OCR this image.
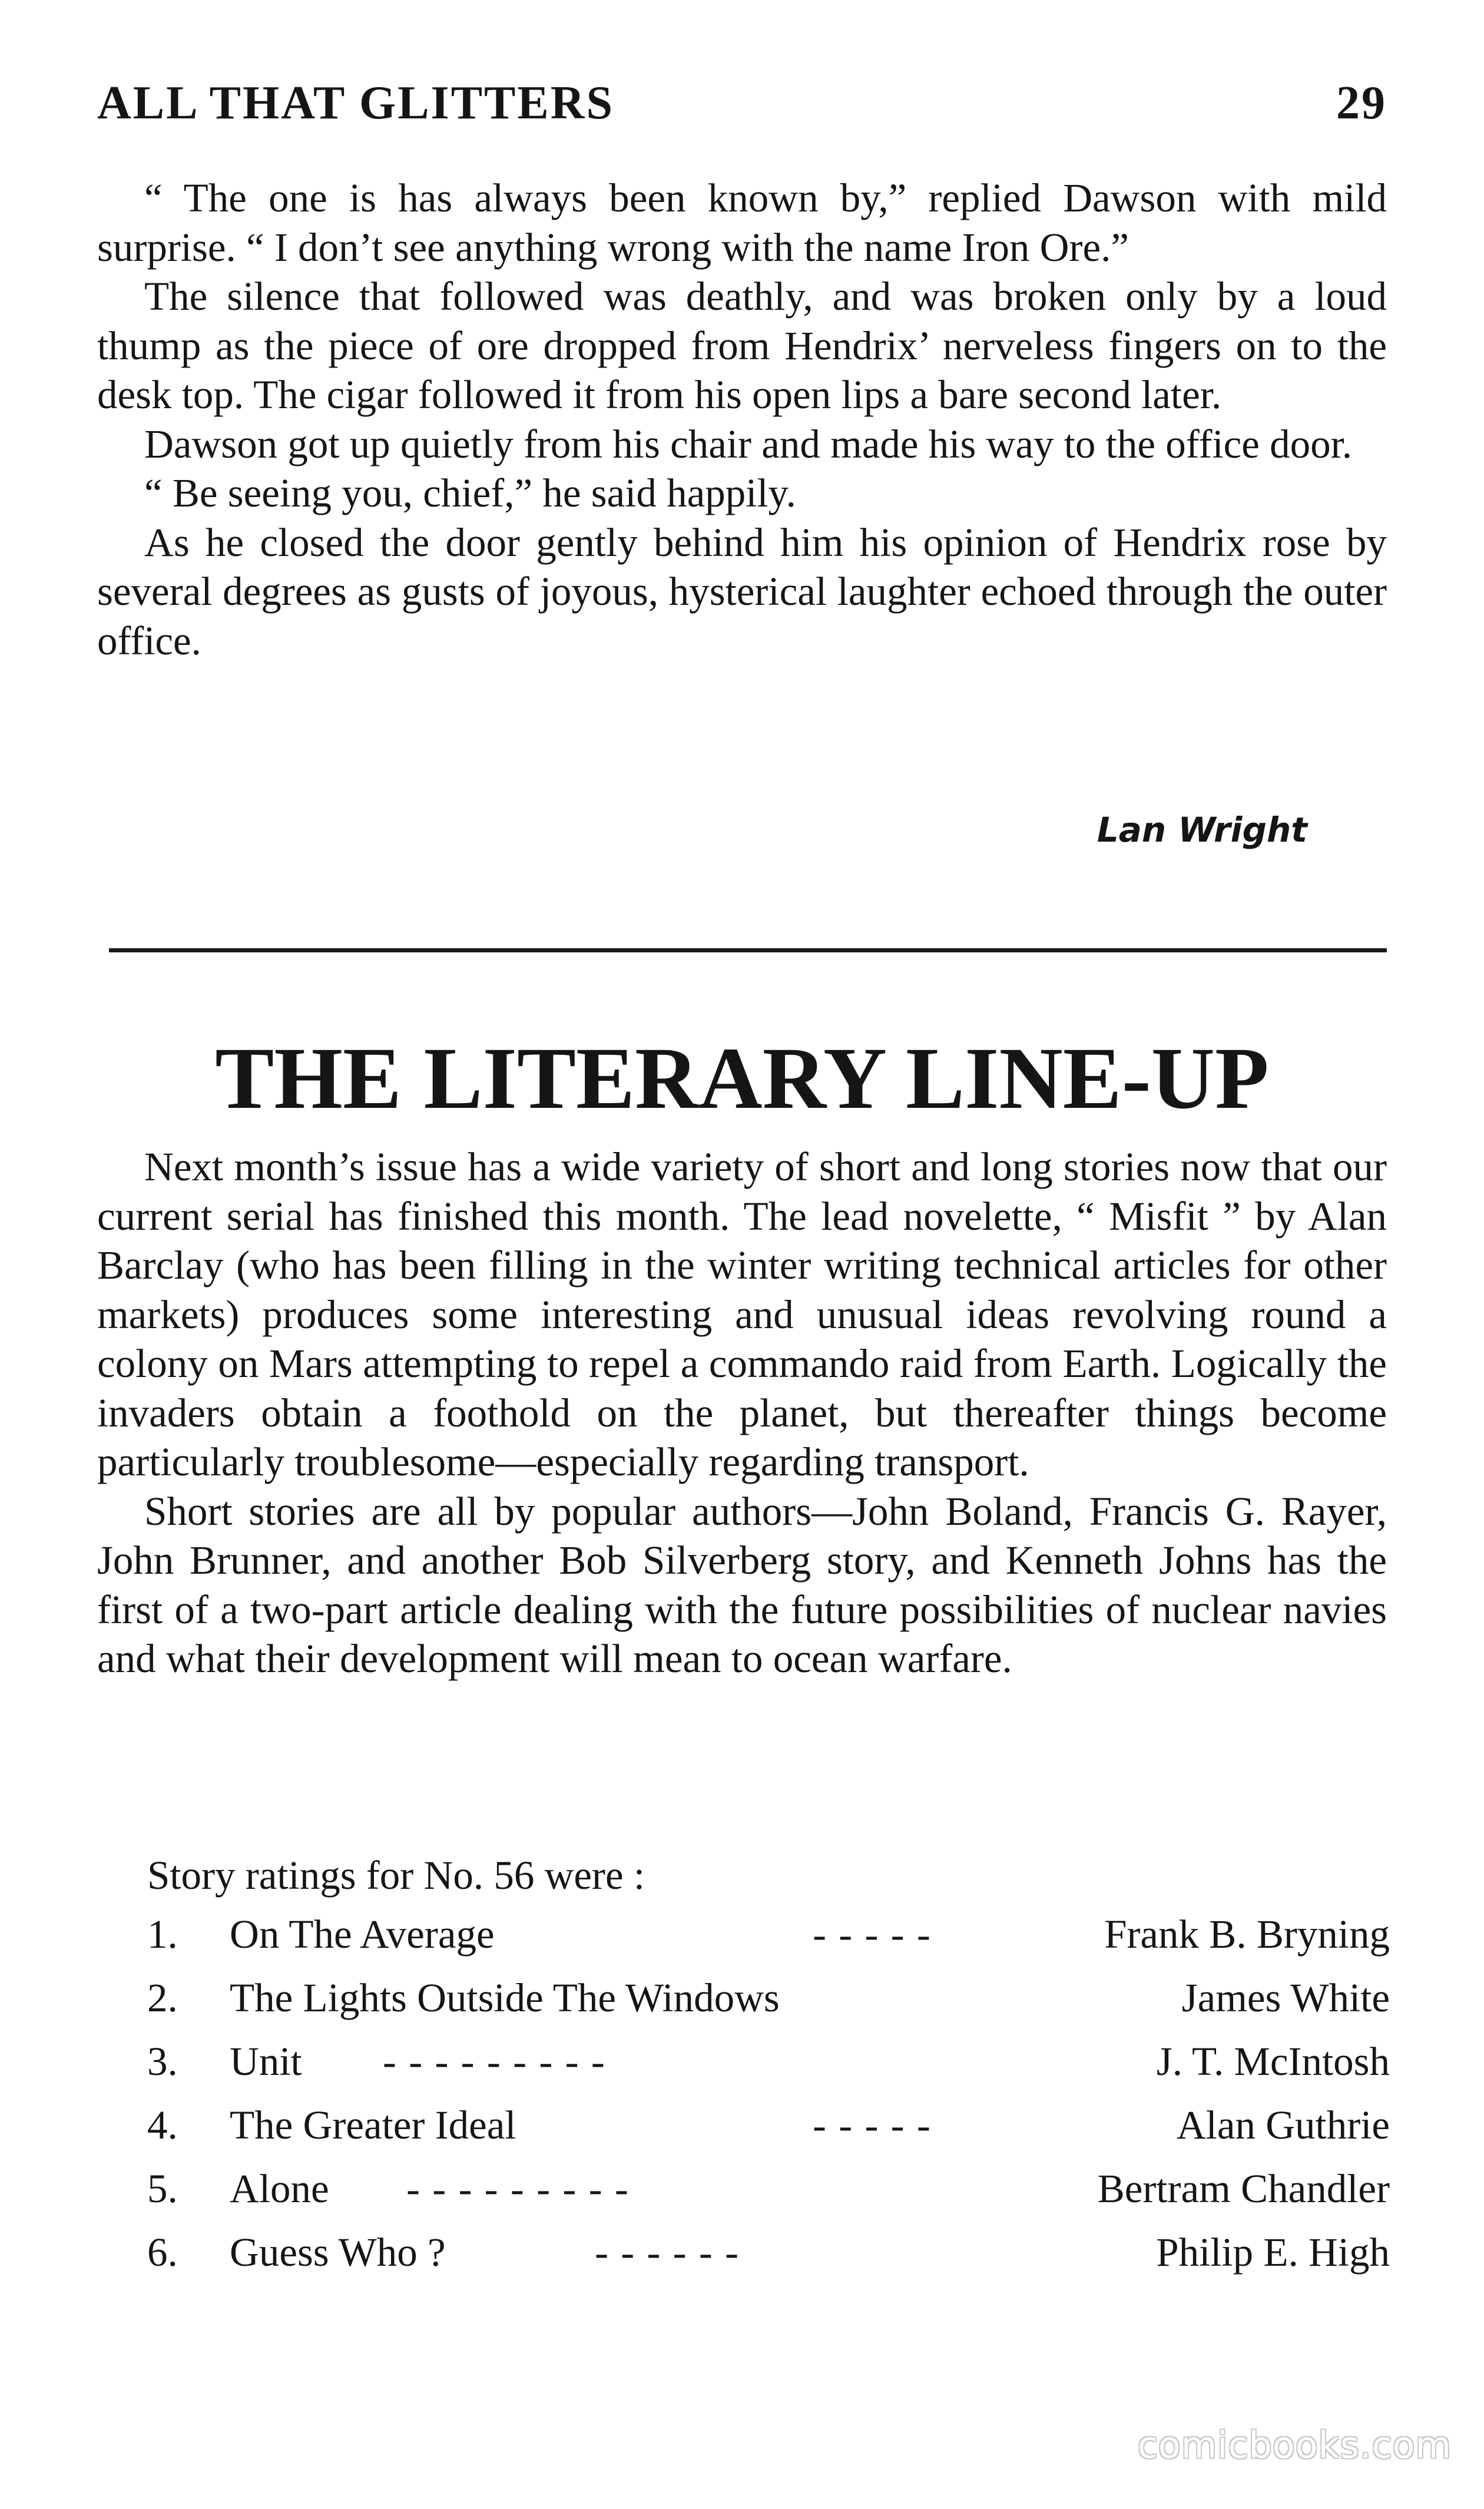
ALL THAT GLITTERS	29

“ The one is has always been known by,” replied Dawson with mild surprise. “ I don’t see anything wrong with the name Iron Ore.”

The silence that followed was deathly, and was broken only by a loud thump as the piece of ore dropped from Hendrix’ nerveless fingers on to the desk top. The cigar followed it from his open lips a bare second later.

Dawson got up quietly from his chair and made his way to the office door.

“ Be seeing you, chief,” he said happily.

As he closed the door gently behind him his opinion of Hendrix rose by several degrees as gusts of joyous, hysterical laughter echoed through the outer office.

Lan Wright
THE LITERARY LINE-UP

Next month’s issue has a wide variety of short and long stories now that our current serial has finished this month. The lead novelette, “ Misfit ” by Alan Barclay (who has been filling in the winter writing technical articles for other markets) produces some interesting and unusual ideas revolving round a colony on Mars attempting to repel a commando raid from Earth. Logically the invaders obtain a foothold on the planet, but thereafter things become particularly troublesome—especially regarding transport.

Short stories are all by popular authors—John Boland, Francis G. Rayer, John Brunner, and another Bob Silverberg story, and Kenneth Johns has the first of a two-part article dealing with the future possibilities of nuclear navies and what their development will mean to ocean warfare.

Story ratings for No. 56 were :
1. On The Average	- - - - -	Frank B. Bryning
2. The Lights Outside The Windows	James White
3. Unit - - - - - - - - -	J. T. McIntosh
4. The Greater Ideal	- - - - -	Alan Guthrie
5. Alone - - - - - - - - -	Bertram Chandler
6. Guess Who ?	- - - - - -	Philip E. High
comicbooks.com
